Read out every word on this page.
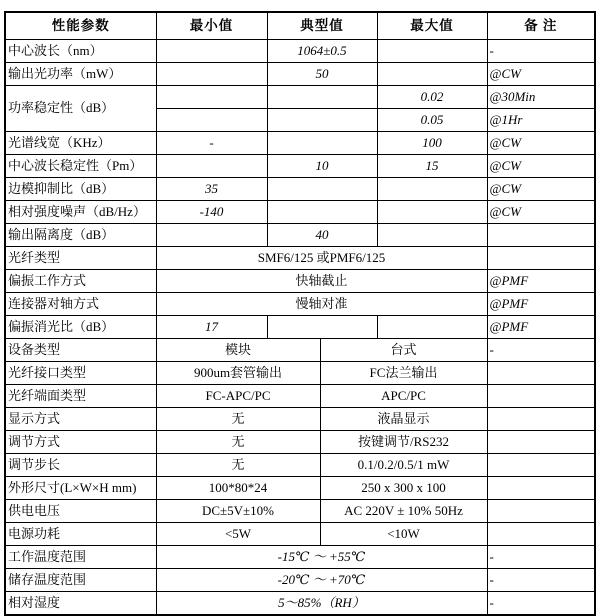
性能参数	最小值	典型值		最大值	备 注
中心波长（nm）		1064±0.5			-
输出光功率（mW）		50			@CW
功率稳定性（dB）				0.02	@30Min
				0.05	@1Hr
光谱线宽（KHz）	-			100	@CW
中心波长稳定性（Pm）		10		15	@CW
边模抑制比（dB）	35				@CW
相对强度噪声（dB/Hz）	-140				@CW
输出隔离度（dB）		40			
光纤类型	SMF6/125 或PMF6/125				
偏振工作方式	快轴截止				@PMF
连接器对轴方式	慢轴对准				@PMF
偏振消光比（dB）	17				@PMF
设备类型	模块		台式		-
光纤接口类型	900um套管输出		FC法兰输出		
光纤端面类型	FC-APC/PC		APC/PC		
显示方式	无		液晶显示		
调节方式	无		按键调节/RS232		
调节步长	无		0.1/0.2/0.5/1 mW		
外形尺寸(L×W×H mm)	100*80*24		250 x 300 x 100		
供电电压	DC±5V±10%		AC 220V ± 10% 50Hz		
电源功耗	<5W		<10W		
工作温度范围	-15℃ ～ +55℃				-
储存温度范围	-20℃ ～ +70℃				-
相对湿度	5～85%（RH）				-
